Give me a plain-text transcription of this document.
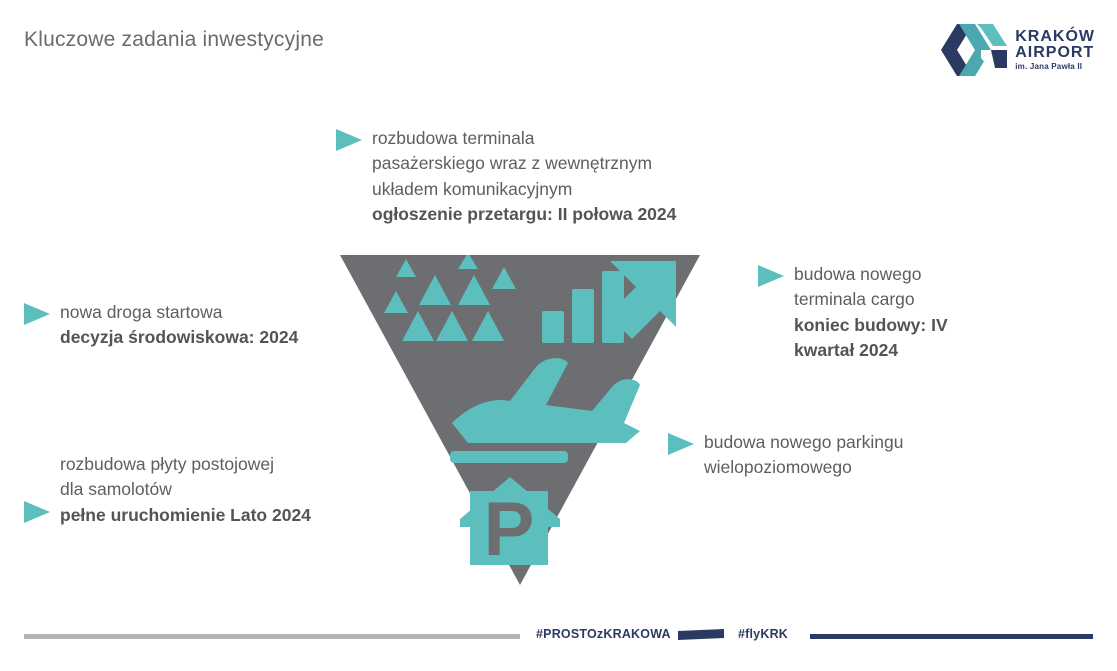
Kluczowe zadania inwestycyjne	KRAKÓW
AIRPORT
im. Jana Pawła II
P
rozbudowa terminala
pasażerskiego wraz z wewnętrznym
układem komunikacyjnym
ogłoszenie przetargu: II połowa 2024
nowa droga startowa
decyzja środowiskowa: 2024
rozbudowa płyty postojowej
dla samolotów
pełne uruchomienie Lato 2024
budowa nowego
terminala cargo
koniec budowy: IV
kwartał 2024
budowa nowego parkingu
wielopoziomowego
#PROSTOzKRAKOWA	#flyKRK
